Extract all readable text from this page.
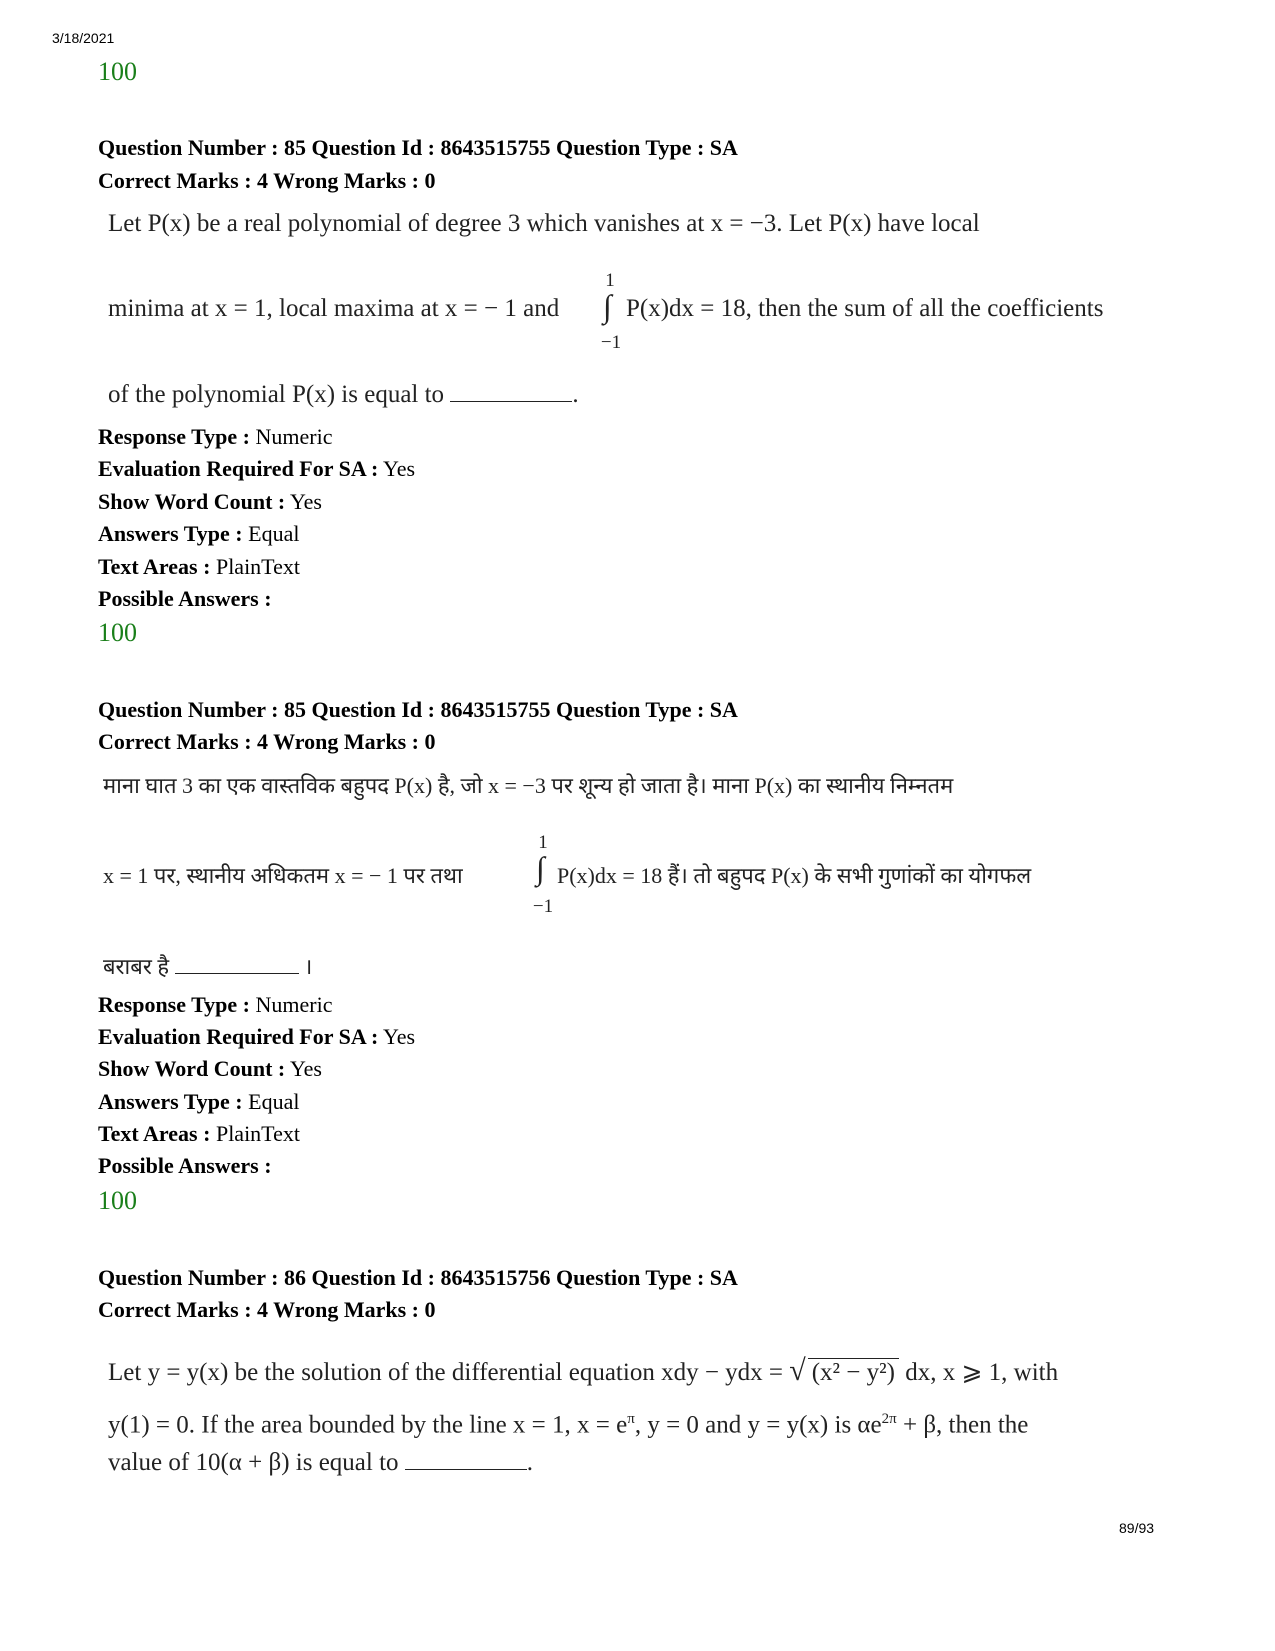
3/18/2021
100
Question Number : 85 Question Id : 8643515755 Question Type : SA
Correct Marks : 4 Wrong Marks : 0
Let P(x) be a real polynomial of degree 3 which vanishes at x = −3. Let P(x) have local
minima at x = 1, local maxima at x = − 1 and
1
∫
−1
P(x)dx = 18, then the sum of all the coefficients
of the polynomial P(x) is equal to	.
Response Type : Numeric
Evaluation Required For SA : Yes
Show Word Count : Yes
Answers Type : Equal
Text Areas : PlainText
Possible Answers :
100
Question Number : 85 Question Id : 8643515755 Question Type : SA
Correct Marks : 4 Wrong Marks : 0
माना घात 3 का एक वास्तविक बहुपद P(x) है, जो x = −3 पर शून्य हो जाता है। माना P(x) का स्थानीय निम्नतम
x = 1 पर, स्थानीय अधिकतम x = − 1 पर तथा
1
∫
−1
P(x)dx = 18 हैं। तो बहुपद P(x) के सभी गुणांकों का योगफल
बराबर है	।
Response Type : Numeric
Evaluation Required For SA : Yes
Show Word Count : Yes
Answers Type : Equal
Text Areas : PlainText
Possible Answers :
100
Question Number : 86 Question Id : 8643515756 Question Type : SA
Correct Marks : 4 Wrong Marks : 0
Let y = y(x) be the solution of the differential equation xdy − ydx = √ (x² − y²) dx, x ⩾ 1, with
y(1) = 0. If the area bounded by the line x = 1, $x = e^\pi$, y = 0 and y = y(x) is $\alpha e^{2\pi} + \beta$, then the
value of 10(α + β) is equal to	.
89/93
